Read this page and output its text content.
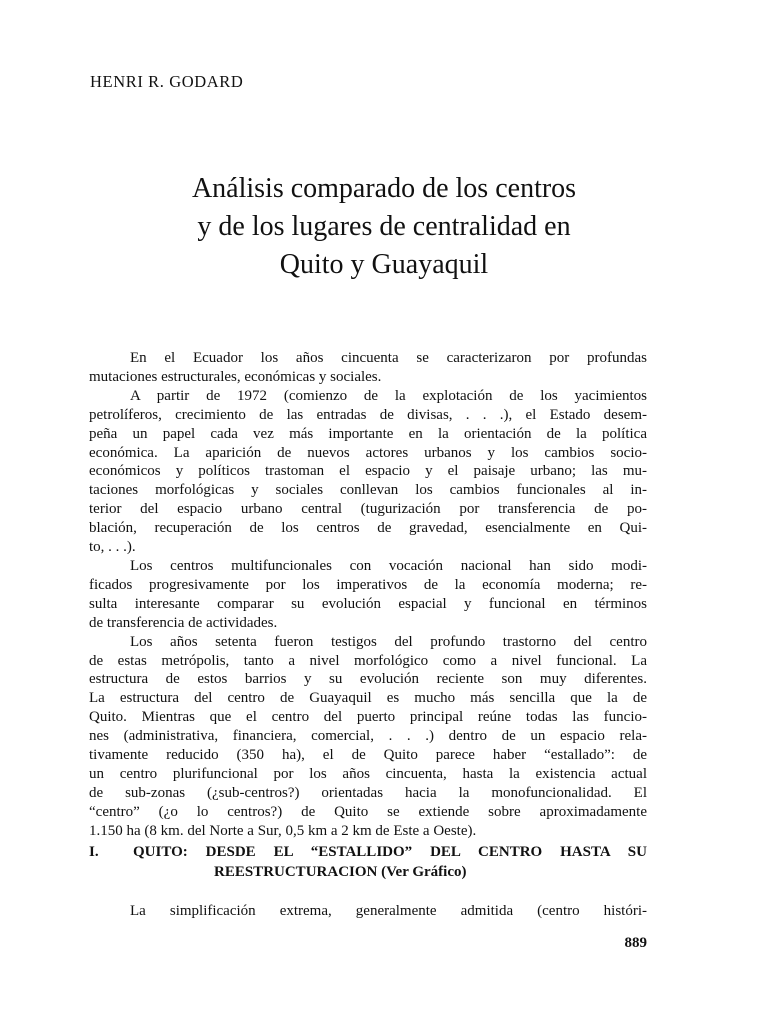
HENRI R. GODARD
Análisis comparado de los centros
y de los lugares de centralidad en
Quito y Guayaquil

En el Ecuador los años cincuenta se caracterizaron por profundas
mutaciones estructurales, económicas y sociales.

A partir de 1972 (comienzo de la explotación de los yacimientos
petrolíferos, crecimiento de las entradas de divisas, . . .), el Estado desem-
peña un papel cada vez más importante en la orientación de la política
económica. La aparición de nuevos actores urbanos y los cambios socio-
económicos y políticos trastoman el espacio y el paisaje urbano; las mu-
taciones morfológicas y sociales conllevan los cambios funcionales al in-
terior del espacio urbano central (tugurización por transferencia de po-
blación, recuperación de los centros de gravedad, esencialmente en Qui-
to, . . .).

Los centros multifuncionales con vocación nacional han sido modi-
ficados progresivamente por los imperativos de la economía moderna; re-
sulta interesante comparar su evolución espacial y funcional en términos
de transferencia de actividades.

Los años setenta fueron testigos del profundo trastorno del centro
de estas metrópolis, tanto a nivel morfológico como a nivel funcional. La
estructura de estos barrios y su evolución reciente son muy diferentes.
La estructura del centro de Guayaquil es mucho más sencilla que la de
Quito. Mientras que el centro del puerto principal reúne todas las funcio-
nes (administrativa, financiera, comercial, . . .) dentro de un espacio rela-
tivamente reducido (350 ha), el de Quito parece haber “estallado”: de
un centro plurifuncional por los años cincuenta, hasta la existencia actual
de sub-zonas (¿sub-centros?) orientadas hacia la monofuncionalidad. El
“centro” (¿o lo centros?) de Quito se extiende sobre aproximadamente
1.150 ha (8 km. del Norte a Sur, 0,5 km a 2 km de Este a Oeste).

I. QUITO: DESDE EL “ESTALLIDO” DEL CENTRO HASTA SU
REESTRUCTURACION (Ver Gráfico)
La simplificación extrema, generalmente admitida (centro históri-
889
